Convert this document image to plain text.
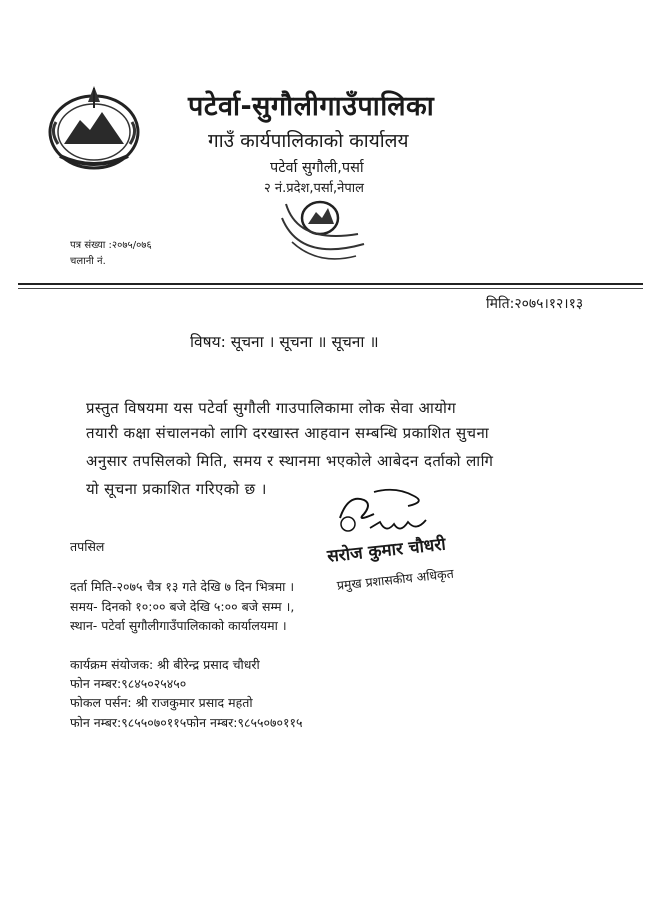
पटेर्वा-सुगौलीगाउँपालिका
गाउँ कार्यपालिकाको कार्यालय
पटेर्वा सुगौली,पर्सा
२ नं.प्रदेश,पर्सा,नेपाल
पत्र संख्या :२०७५/०७६
चलानी नं.
मिति:२०७५।१२।१३
विषय: सूचना । सूचना ॥ सूचना ॥
प्रस्तुत विषयमा यस पटेर्वा सुगौली गाउपालिकामा लोक सेवा आयोग
तयारी कक्षा संचालनको लागि दरखास्त आहवान सम्बन्धि प्रकाशित सुचना
अनुसार तपसिलको मिति, समय र स्थानमा भएकोले आबेदन दर्ताको लागि
यो सूचना प्रकाशित गरिएको छ ।
सरोज कुमार चौधरी
प्रमुख प्रशासकीय अधिकृत
तपसिल
दर्ता मिति-२०७५ चैत्र १३ गते देखि ७ दिन भित्रमा ।
समय- दिनको १०:०० बजे देखि ५:०० बजे सम्म ।,
स्थान- पटेर्वा सुगौलीगाउँपालिकाको कार्यालयमा ।
कार्यक्रम संयोजक: श्री बीरेन्द्र प्रसाद चौधरी
फोन नम्बर:९८४५०२५४५०
फोकल पर्सन: श्री राजकुमार प्रसाद महतो
फोन नम्बर:९८५५०७०११५फोन नम्बर:९८५५०७०११५
